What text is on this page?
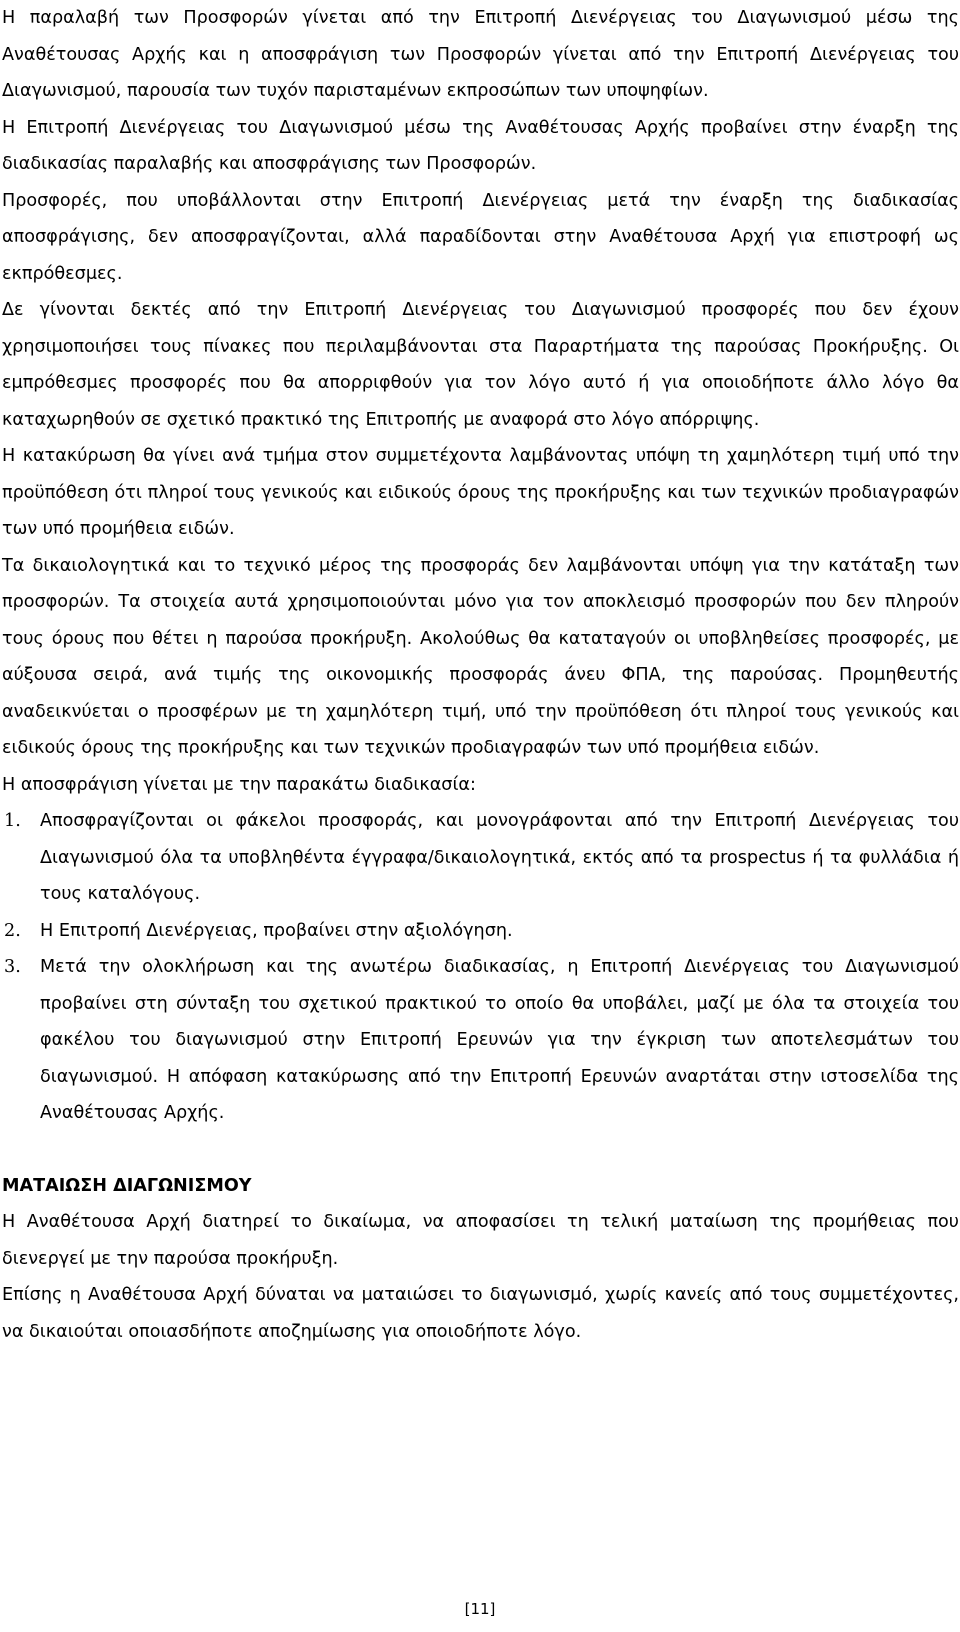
Η παραλαβή των Προσφορών γίνεται από την Επιτροπή Διενέργειας του Διαγωνισμού μέσω της Αναθέτουσας Αρχής και η αποσφράγιση των Προσφορών γίνεται από την Επιτροπή Διενέργειας του Διαγωνισμού, παρουσία των τυχόν παρισταμένων εκπροσώπων των υποψηφίων.

Η Επιτροπή Διενέργειας του Διαγωνισμού μέσω της Αναθέτουσας Αρχής προβαίνει στην έναρξη της διαδικασίας παραλαβής και αποσφράγισης των Προσφορών.

Προσφορές, που υποβάλλονται στην Επιτροπή Διενέργειας μετά την έναρξη της διαδικασίας αποσφράγισης, δεν αποσφραγίζονται, αλλά παραδίδονται στην Αναθέτουσα Αρχή για επιστροφή ως εκπρόθεσμες.

Δε γίνονται δεκτές από την Επιτροπή Διενέργειας του Διαγωνισμού προσφορές που δεν έχουν χρησιμοποιήσει τους πίνακες που περιλαμβάνονται στα Παραρτήματα της παρούσας Προκήρυξης. Οι εμπρόθεσμες προσφορές που θα απορριφθούν για τον λόγο αυτό ή για οποιοδήποτε άλλο λόγο θα καταχωρηθούν σε σχετικό πρακτικό της Επιτροπής με αναφορά στο λόγο απόρριψης.

Η κατακύρωση θα γίνει ανά τμήμα στον συμμετέχοντα λαμβάνοντας υπόψη τη χαμηλότερη τιμή υπό την προϋπόθεση ότι πληροί τους γενικούς και ειδικούς όρους της προκήρυξης και των τεχνικών προδιαγραφών των υπό προμήθεια ειδών.

Τα δικαιολογητικά και το τεχνικό μέρος της προσφοράς δεν λαμβάνονται υπόψη για την κατάταξη των προσφορών. Τα στοιχεία αυτά χρησιμοποιούνται μόνο για τον αποκλεισμό προσφορών που δεν πληρούν τους όρους που θέτει η παρούσα προκήρυξη. Ακολούθως θα καταταγούν οι υποβληθείσες προσφορές, με αύξουσα σειρά, ανά τιμής της οικονομικής προσφοράς άνευ ΦΠΑ, της παρούσας. Προμηθευτής αναδεικνύεται ο προσφέρων με τη χαμηλότερη τιμή, υπό την προϋπόθεση ότι πληροί τους γενικούς και ειδικούς όρους της προκήρυξης και των τεχνικών προδιαγραφών των υπό προμήθεια ειδών.

Η αποσφράγιση γίνεται με την παρακάτω διαδικασία:

1. Αποσφραγίζονται οι φάκελοι προσφοράς, και μονογράφονται από την Επιτροπή Διενέργειας του Διαγωνισμού όλα τα υποβληθέντα έγγραφα/δικαιολογητικά, εκτός από τα prospectus ή τα φυλλάδια ή τους καταλόγους.
2. Η Επιτροπή Διενέργειας, προβαίνει στην αξιολόγηση.
3. Μετά την ολοκλήρωση και της ανωτέρω διαδικασίας, η Επιτροπή Διενέργειας του Διαγωνισμού προβαίνει στη σύνταξη του σχετικού πρακτικού το οποίο θα υποβάλει, μαζί με όλα τα στοιχεία του φακέλου του διαγωνισμού στην Επιτροπή Ερευνών για την έγκριση των αποτελεσμάτων του διαγωνισμού. Η απόφαση κατακύρωσης από την Επιτροπή Ερευνών αναρτάται στην ιστοσελίδα της Αναθέτουσας Αρχής.

ΜΑΤΑΙΩΣΗ ΔΙΑΓΩΝΙΣΜΟΥ

Η Αναθέτουσα Αρχή διατηρεί το δικαίωμα, να αποφασίσει τη τελική ματαίωση της προμήθειας που διενεργεί με την παρούσα προκήρυξη.

Επίσης η Αναθέτουσα Αρχή δύναται να ματαιώσει το διαγωνισμό, χωρίς κανείς από τους συμμετέχοντες, να δικαιούται οποιασδήποτε αποζημίωσης για οποιοδήποτε λόγο.

[11]
